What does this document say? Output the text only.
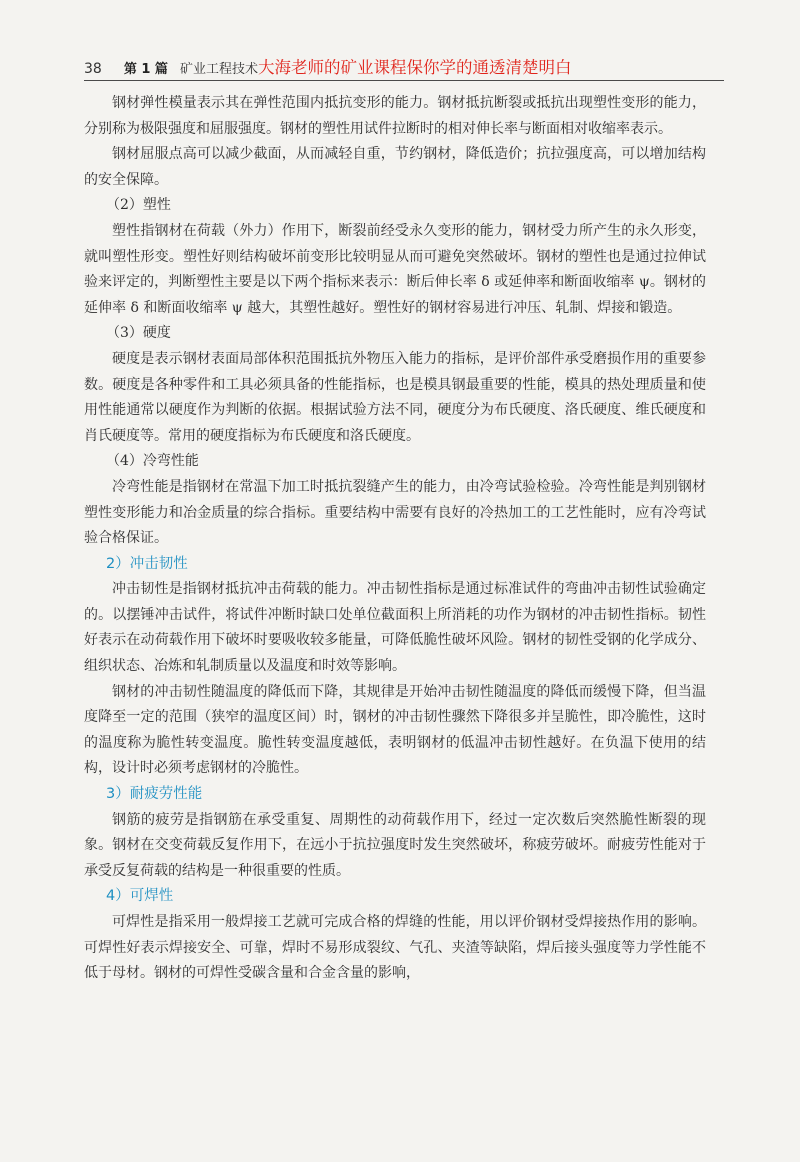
38 第 1 篇 矿业工程技术 大海老师的矿业课程保你学的通透清楚明白

钢材弹性模量表示其在弹性范围内抵抗变形的能力。钢材抵抗断裂或抵抗出现塑性变形的能力，分别称为极限强度和屈服强度。钢材的塑性用试件拉断时的相对伸长率与断面相对收缩率表示。

钢材屈服点高可以减少截面，从而减轻自重，节约钢材，降低造价；抗拉强度高，可以增加结构的安全保障。

（2）塑性

塑性指钢材在荷载（外力）作用下，断裂前经受永久变形的能力，钢材受力所产生的永久形变，就叫塑性形变。塑性好则结构破坏前变形比较明显从而可避免突然破坏。钢材的塑性也是通过拉伸试验来评定的，判断塑性主要是以下两个指标来表示：断后伸长率 δ 或延伸率和断面收缩率 ψ。钢材的延伸率 δ 和断面收缩率 ψ 越大，其塑性越好。塑性好的钢材容易进行冲压、轧制、焊接和锻造。

（3）硬度

硬度是表示钢材表面局部体积范围抵抗外物压入能力的指标，是评价部件承受磨损作用的重要参数。硬度是各种零件和工具必须具备的性能指标，也是模具钢最重要的性能，模具的热处理质量和使用性能通常以硬度作为判断的依据。根据试验方法不同，硬度分为布氏硬度、洛氏硬度、维氏硬度和肖氏硬度等。常用的硬度指标为布氏硬度和洛氏硬度。

（4）冷弯性能

冷弯性能是指钢材在常温下加工时抵抗裂缝产生的能力，由冷弯试验检验。冷弯性能是判别钢材塑性变形能力和冶金质量的综合指标。重要结构中需要有良好的冷热加工的工艺性能时，应有冷弯试验合格保证。

2）冲击韧性

冲击韧性是指钢材抵抗冲击荷载的能力。冲击韧性指标是通过标准试件的弯曲冲击韧性试验确定的。以摆锤冲击试件，将试件冲断时缺口处单位截面积上所消耗的功作为钢材的冲击韧性指标。韧性好表示在动荷载作用下破坏时要吸收较多能量，可降低脆性破坏风险。钢材的韧性受钢的化学成分、组织状态、冶炼和轧制质量以及温度和时效等影响。

钢材的冲击韧性随温度的降低而下降，其规律是开始冲击韧性随温度的降低而缓慢下降，但当温度降至一定的范围（狭窄的温度区间）时，钢材的冲击韧性骤然下降很多并呈脆性，即冷脆性，这时的温度称为脆性转变温度。脆性转变温度越低，表明钢材的低温冲击韧性越好。在负温下使用的结构，设计时必须考虑钢材的冷脆性。

3）耐疲劳性能

钢筋的疲劳是指钢筋在承受重复、周期性的动荷载作用下，经过一定次数后突然脆性断裂的现象。钢材在交变荷载反复作用下，在远小于抗拉强度时发生突然破坏，称疲劳破坏。耐疲劳性能对于承受反复荷载的结构是一种很重要的性质。

4）可焊性

可焊性是指采用一般焊接工艺就可完成合格的焊缝的性能，用以评价钢材受焊接热作用的影响。可焊性好表示焊接安全、可靠，焊时不易形成裂纹、气孔、夹渣等缺陷，焊后接头强度等力学性能不低于母材。钢材的可焊性受碳含量和合金含量的影响，
